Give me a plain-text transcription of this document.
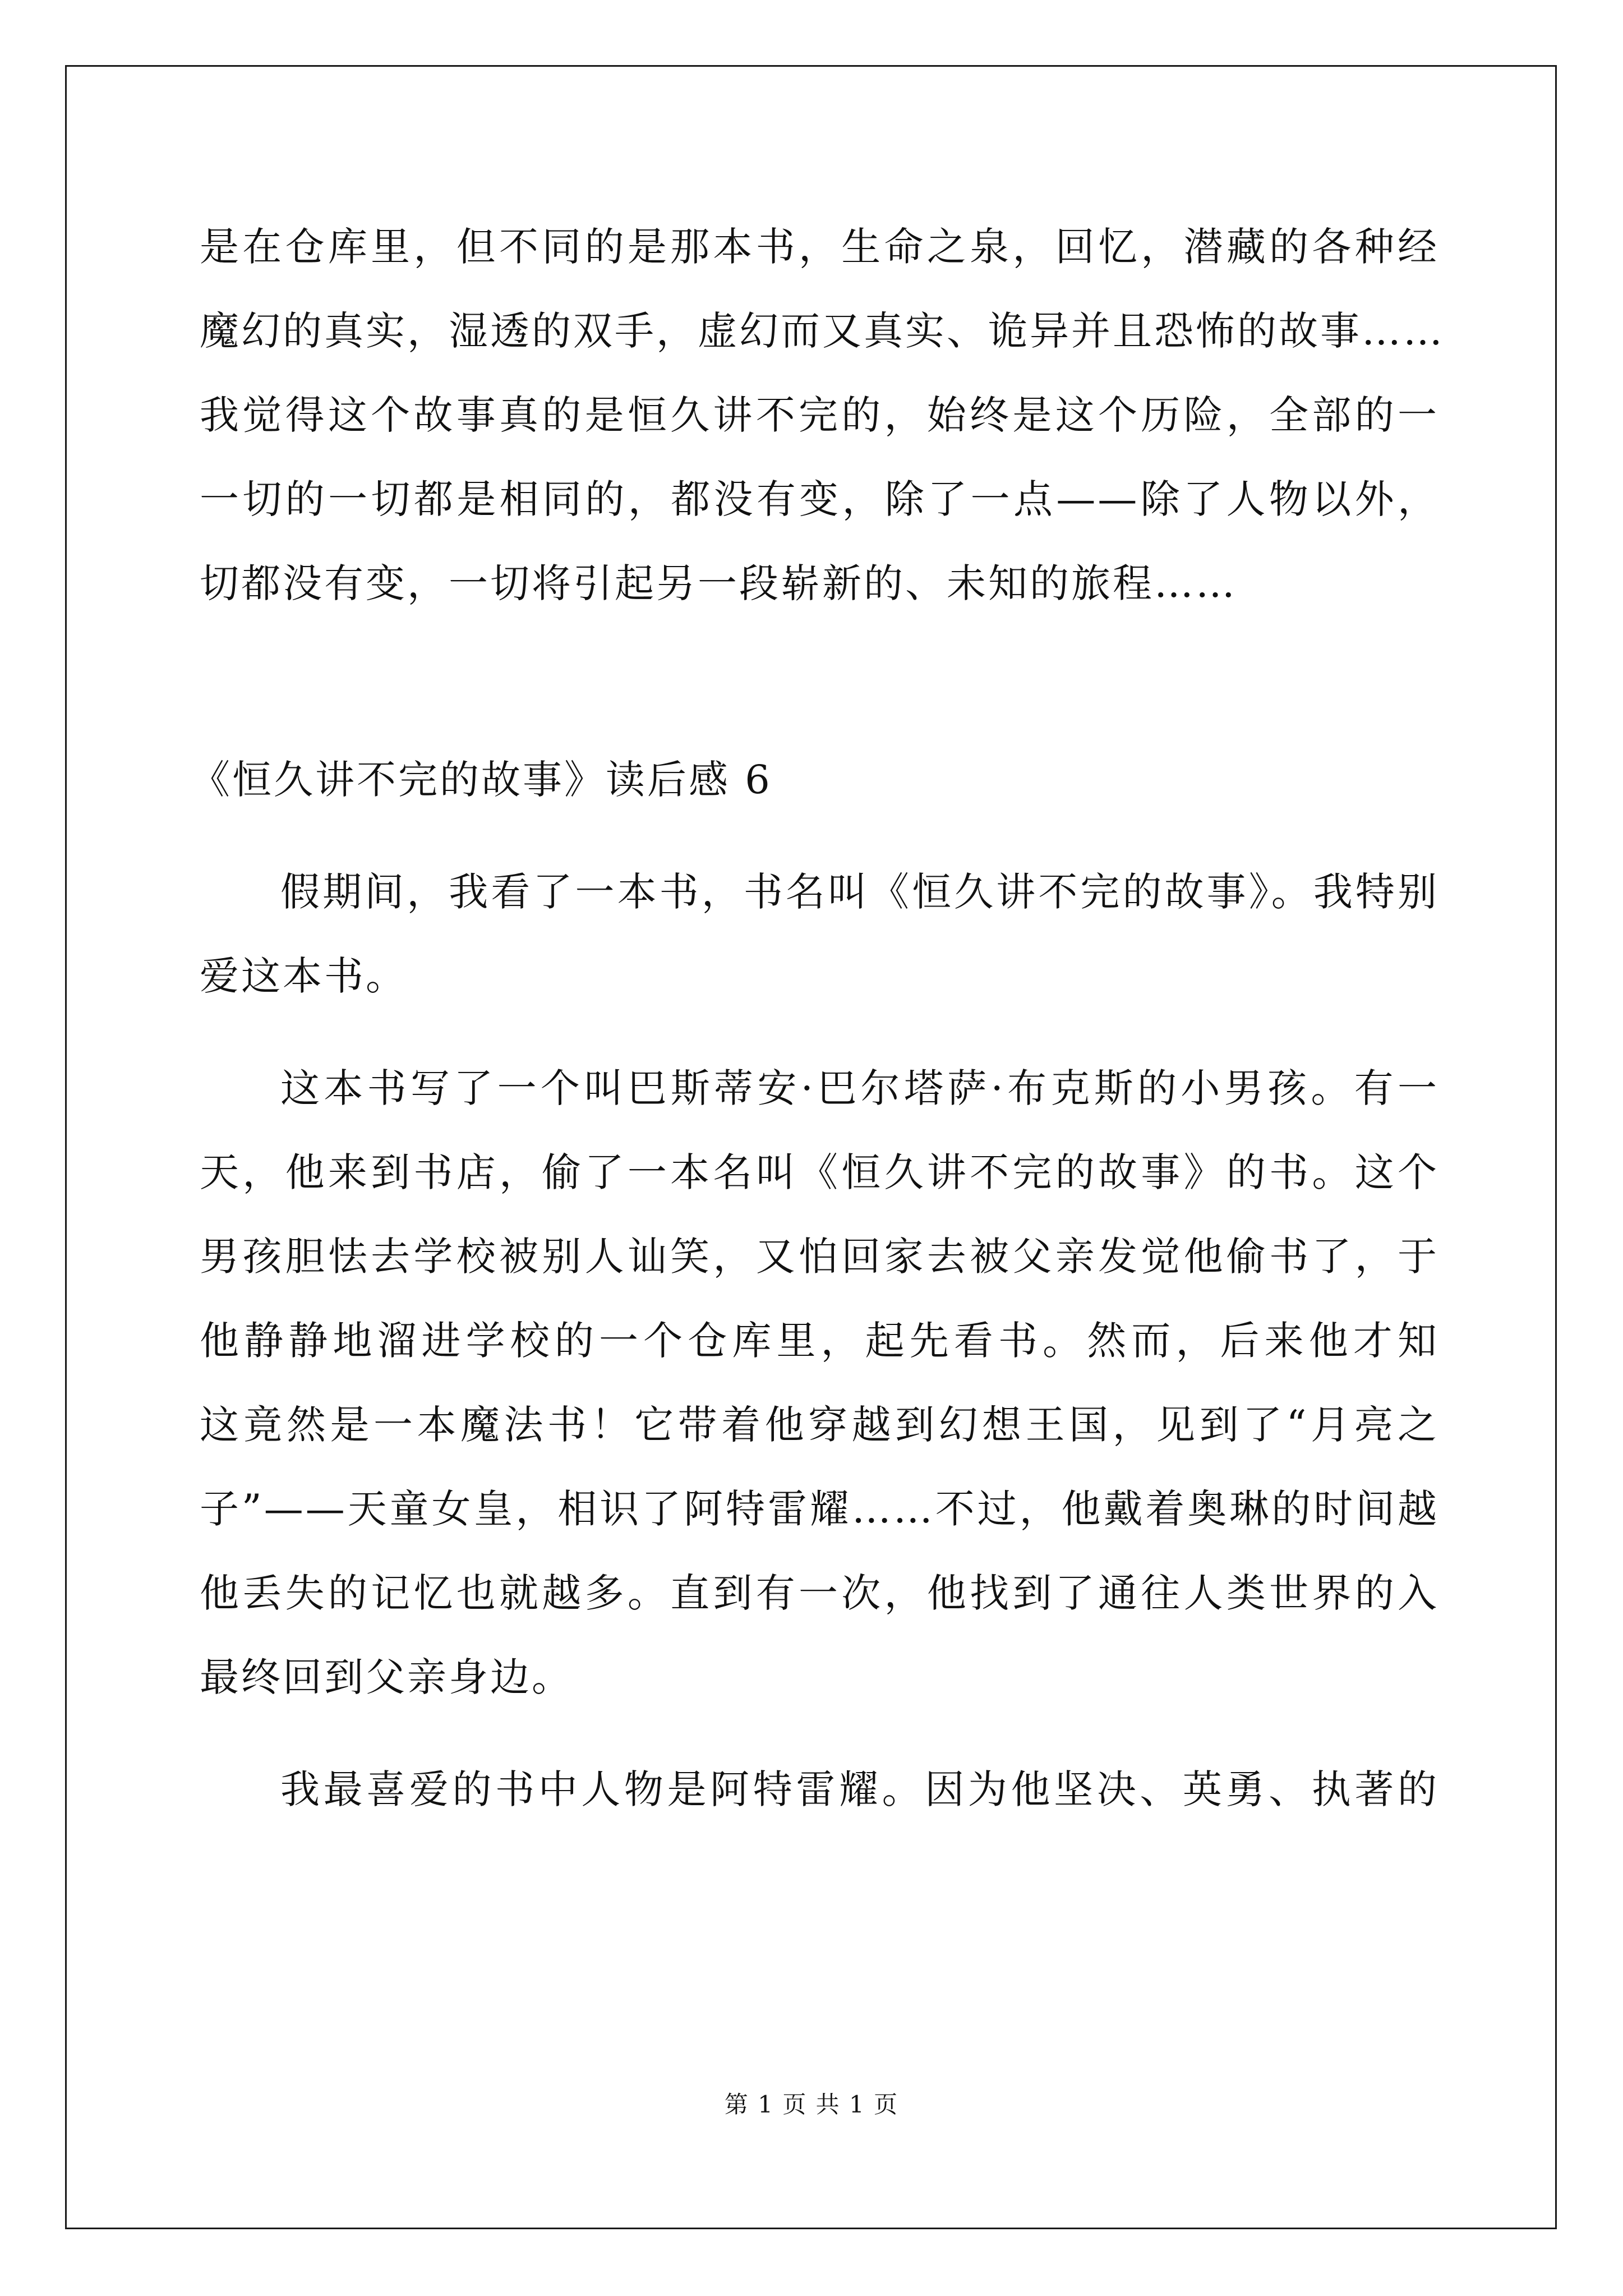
是在仓库里，但不同的是那本书，生命之泉，回忆，潜藏的各种经
魔幻的真实，湿透的双手，虚幻而又真实、诡异并且恐怖的故事……
我觉得这个故事真的是恒久讲不完的，始终是这个历险，全部的一
一切的一切都是相同的，都没有变，除了一点——除了人物以外，
切都没有变，一切将引起另一段崭新的、未知的旅程……
《恒久讲不完的故事》读后感 6
假期间，我看了一本书，书名叫《恒久讲不完的故事》。我特别
爱这本书。
这本书写了一个叫巴斯蒂安·巴尔塔萨·布克斯的小男孩。有一
天，他来到书店，偷了一本名叫《恒久讲不完的故事》的书。这个
男孩胆怯去学校被别人讪笑，又怕回家去被父亲发觉他偷书了，于
他静静地溜进学校的一个仓库里，起先看书。然而，后来他才知
这竟然是一本魔法书！它带着他穿越到幻想王国，见到了“月亮之
子”——天童女皇，相识了阿特雷耀……不过，他戴着奥琳的时间越
他丢失的记忆也就越多。直到有一次，他找到了通往人类世界的入
最终回到父亲身边。
我最喜爱的书中人物是阿特雷耀。因为他坚决、英勇、执著的
第 1 页 共 1 页
